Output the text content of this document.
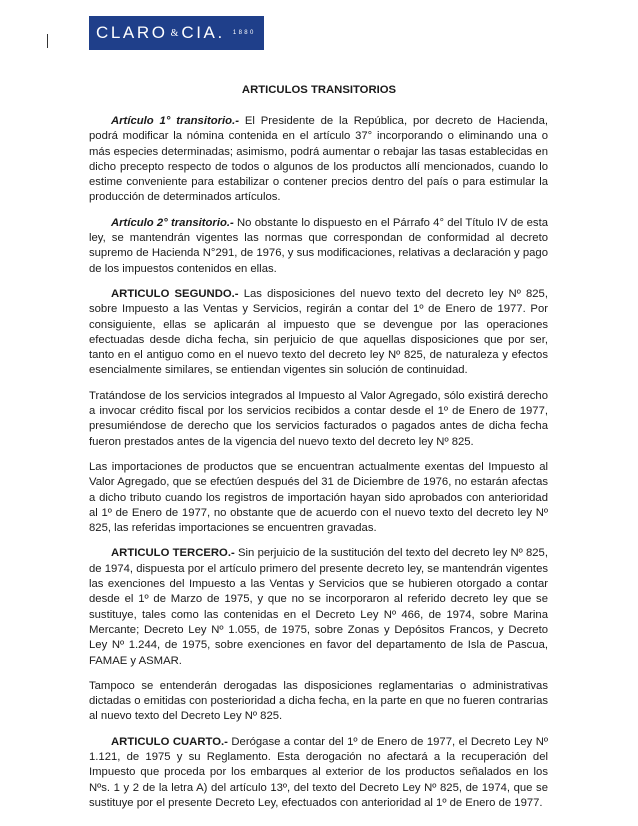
CLARO & CIA. 1880
ARTICULOS TRANSITORIOS

Artículo 1° transitorio.- El Presidente de la República, por decreto de Hacienda, podrá modificar la nómina contenida en el artículo 37° incorporando o eliminando una o más especies determinadas; asimismo, podrá aumentar o rebajar las tasas establecidas en dicho precepto respecto de todos o algunos de los productos allí mencionados, cuando lo estime conveniente para estabilizar o contener precios dentro del país o para estimular la producción de determinados artículos.

Artículo 2° transitorio.- No obstante lo dispuesto en el Párrafo 4° del Título IV de esta ley, se mantendrán vigentes las normas que correspondan de conformidad al decreto supremo de Hacienda N°291, de 1976, y sus modificaciones, relativas a declaración y pago de los impuestos contenidos en ellas.

ARTICULO SEGUNDO.- Las disposiciones del nuevo texto del decreto ley Nº 825, sobre Impuesto a las Ventas y Servicios, regirán a contar del 1º de Enero de 1977. Por consiguiente, ellas se aplicarán al impuesto que se devengue por las operaciones efectuadas desde dicha fecha, sin perjuicio de que aquellas disposiciones que por ser, tanto en el antiguo como en el nuevo texto del decreto ley Nº 825, de naturaleza y efectos esencialmente similares, se entiendan vigentes sin solución de continuidad.

Tratándose de los servicios integrados al Impuesto al Valor Agregado, sólo existirá derecho a invocar crédito fiscal por los servicios recibidos a contar desde el 1º de Enero de 1977, presumiéndose de derecho que los servicios facturados o pagados antes de dicha fecha fueron prestados antes de la vigencia del nuevo texto del decreto ley Nº 825.

Las importaciones de productos que se encuentran actualmente exentas del Impuesto al Valor Agregado, que se efectúen después del 31 de Diciembre de 1976, no estarán afectas a dicho tributo cuando los registros de importación hayan sido aprobados con anterioridad al 1º de Enero de 1977, no obstante que de acuerdo con el nuevo texto del decreto ley Nº 825, las referidas importaciones se encuentren gravadas.

ARTICULO TERCERO.- Sin perjuicio de la sustitución del texto del decreto ley Nº 825, de 1974, dispuesta por el artículo primero del presente decreto ley, se mantendrán vigentes las exenciones del Impuesto a las Ventas y Servicios que se hubieren otorgado a contar desde el 1º de Marzo de 1975, y que no se incorporaron al referido decreto ley que se sustituye, tales como las contenidas en el Decreto Ley Nº 466, de 1974, sobre Marina Mercante; Decreto Ley Nº 1.055, de 1975, sobre Zonas y Depósitos Francos, y Decreto Ley Nº 1.244, de 1975, sobre exenciones en favor del departamento de Isla de Pascua, FAMAE y ASMAR.

Tampoco se entenderán derogadas las disposiciones reglamentarias o administrativas dictadas o emitidas con posterioridad a dicha fecha, en la parte en que no fueren contrarias al nuevo texto del Decreto Ley Nº 825.

ARTICULO CUARTO.- Derógase a contar del 1º de Enero de 1977, el Decreto Ley Nº 1.121, de 1975 y su Reglamento. Esta derogación no afectará a la recuperación del Impuesto que proceda por los embarques al exterior de los productos señalados en los Nºs. 1 y 2 de la letra A) del artículo 13º, del texto del Decreto Ley Nº 825, de 1974, que se sustituye por el presente Decreto Ley, efectuados con anterioridad al 1º de Enero de 1977.
